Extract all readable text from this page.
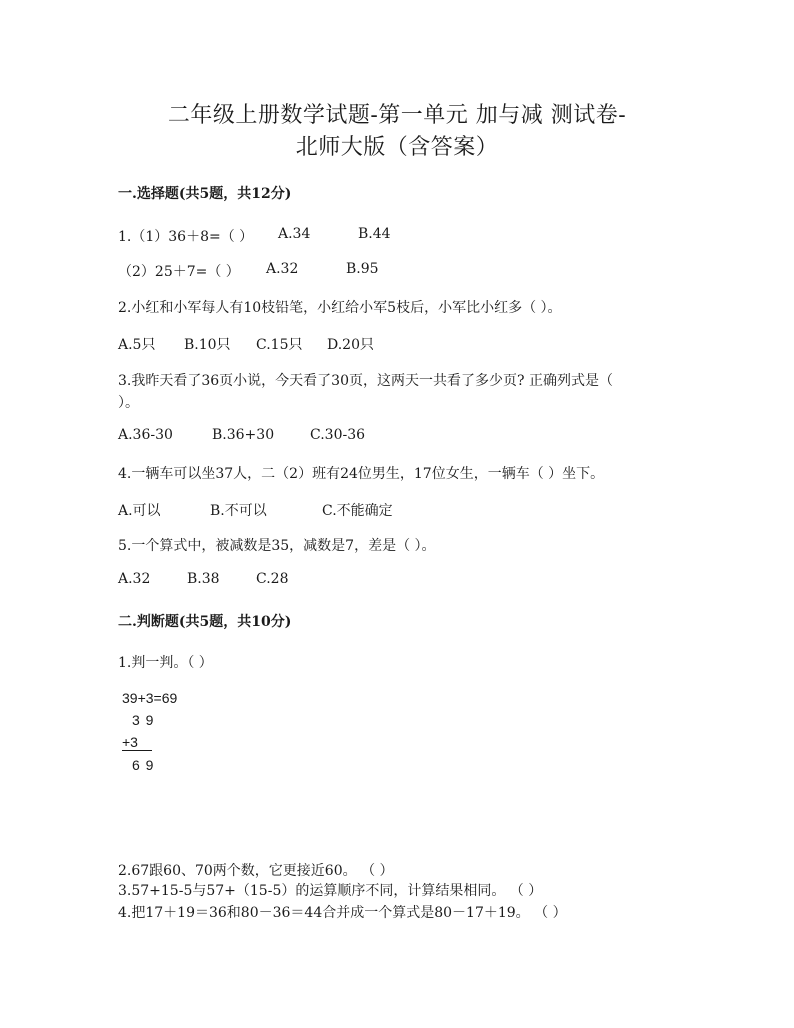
二年级上册数学试题-第一单元 加与减 测试卷-
北师大版（含答案）
一.选择题(共5题，共12分)
1.（1）36＋8=（ ） A.34	B.44
（2）25＋7=（ ） A.32	B.95
2.小红和小军每人有10枝铅笔，小红给小军5枝后，小军比小红多（ ）。
A.5只 B.10只 C.15只 D.20只
3.我昨天看了36页小说，今天看了30页，这两天一共看了多少页? 正确列式是（
）。
A.36-30	B.36+30	C.30-36
4.一辆车可以坐37人，二（2）班有24位男生，17位女生，一辆车（ ）坐下。
A.可以	B.不可以	C.不能确定
5.一个算式中，被减数是35，减数是7，差是（ ）。
A.32	B.38	C.28
二.判断题(共5题，共10分)
1.判一判。（ ）
39+3=69
3 9
+3
6 9
2.67跟60、70两个数，它更接近60。 （ ）
3.57+15-5与57+（15-5）的运算顺序不同，计算结果相同。 （ ）
4.把17＋19＝36和80－36＝44合并成一个算式是80－17＋19。 （ ）
